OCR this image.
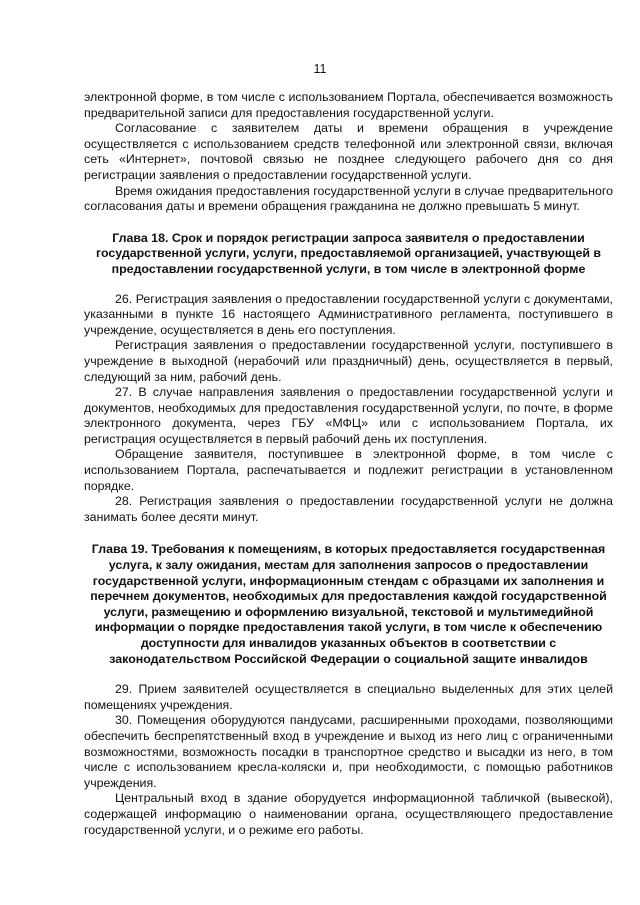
11

электронной форме, в том числе с использованием Портала, обеспечивается возможность предварительной записи для предоставления государственной услуги.

Согласование с заявителем даты и времени обращения в учреждение осуществляется с использованием средств телефонной или электронной связи, включая сеть «Интернет», почтовой связью не позднее следующего рабочего дня со дня регистрации заявления о предоставлении государственной услуги.

Время ожидания предоставления государственной услуги в случае предварительного согласования даты и времени обращения гражданина не должно превышать 5 минут.

Глава 18. Срок и порядок регистрации запроса заявителя о предоставлении государственной услуги, услуги, предоставляемой организацией, участвующей в предоставлении государственной услуги, в том числе в электронной форме

26. Регистрация заявления о предоставлении государственной услуги с документами, указанными в пункте 16 настоящего Административного регламента, поступившего в учреждение, осуществляется в день его поступления.

Регистрация заявления о предоставлении государственной услуги, поступившего в учреждение в выходной (нерабочий или праздничный) день, осуществляется в первый, следующий за ним, рабочий день.

27. В случае направления заявления о предоставлении государственной услуги и документов, необходимых для предоставления государственной услуги, по почте, в форме электронного документа, через ГБУ «МФЦ» или с использованием Портала, их регистрация осуществляется в первый рабочий день их поступления.

Обращение заявителя, поступившее в электронной форме, в том числе с использованием Портала, распечатывается и подлежит регистрации в установленном порядке.

28. Регистрация заявления о предоставлении государственной услуги не должна занимать более десяти минут.

Глава 19. Требования к помещениям, в которых предоставляется государственная услуга, к залу ожидания, местам для заполнения запросов о предоставлении государственной услуги, информационным стендам с образцами их заполнения и перечнем документов, необходимых для предоставления каждой государственной услуги, размещению и оформлению визуальной, текстовой и мультимедийной информации о порядке предоставления такой услуги, в том числе к обеспечению доступности для инвалидов указанных объектов в соответствии с законодательством Российской Федерации о социальной защите инвалидов

29. Прием заявителей осуществляется в специально выделенных для этих целей помещениях учреждения.

30. Помещения оборудуются пандусами, расширенными проходами, позволяющими обеспечить беспрепятственный вход в учреждение и выход из него лиц с ограниченными возможностями, возможность посадки в транспортное средство и высадки из него, в том числе с использованием кресла-коляски и, при необходимости, с помощью работников учреждения.

Центральный вход в здание оборудуется информационной табличкой (вывеской), содержащей информацию о наименовании органа, осуществляющего предоставление государственной услуги, и о режиме его работы.
